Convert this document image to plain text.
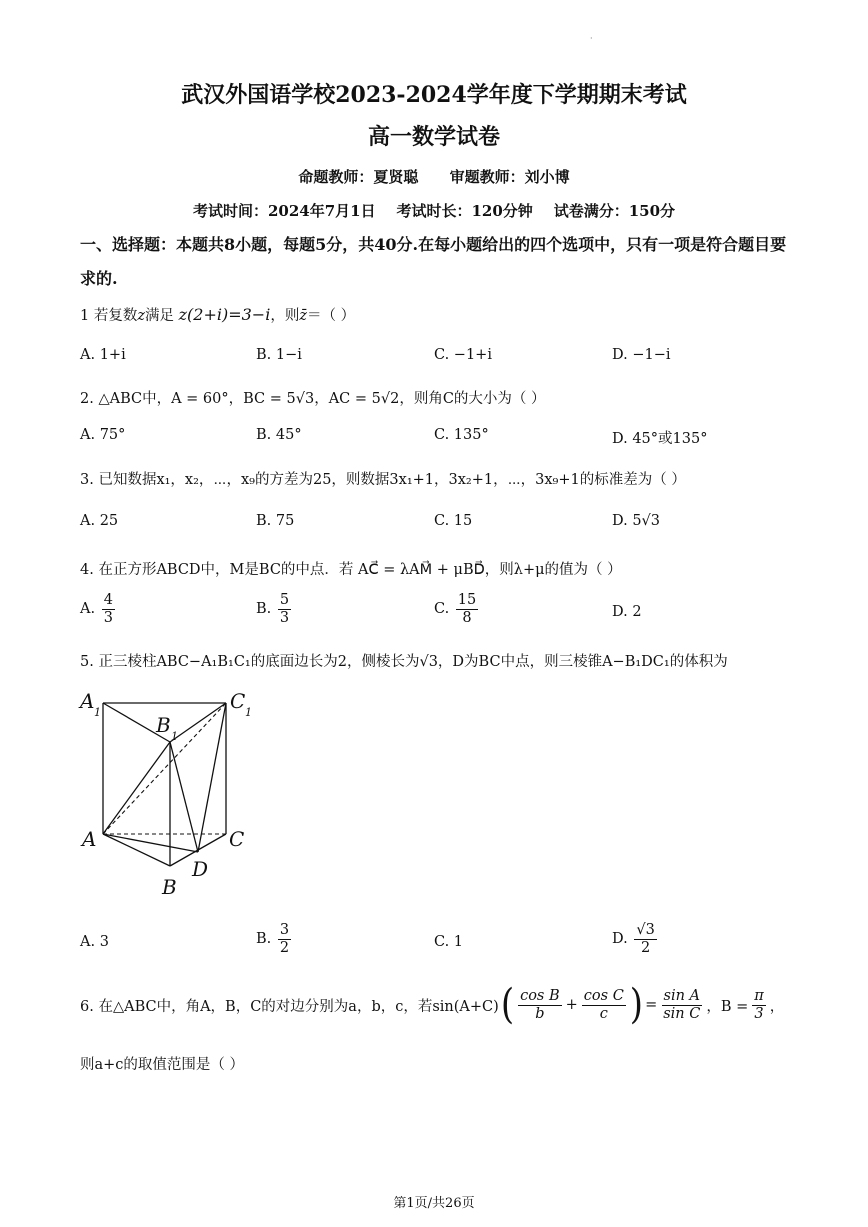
·
武汉外国语学校2023-2024学年度下学期期末考试
高一数学试卷
命题教师：夏贤聪      审题教师：刘小博
考试时间：2024年7月1日    考试时长：120分钟    试卷满分：150分
一、选择题：本题共8小题，每题5分，共40分.在每小题给出的四个选项中，只有一项是符合题目要求的.
1 若复数z满足 z(2+i)=3−i，则z̄＝（ ）
A. 1+i	B. 1−i	C. −1+i	D. −1−i
2. △ABC中，A = 60°，BC = 5√3，AC = 5√2，则角C的大小为（ ）
A. 75°	B. 45°	C. 135°	D. 45°或135°
3. 已知数据x₁，x₂，⋯，x₉的方差为25，则数据3x₁+1，3x₂+1，⋯，3x₉+1的标准差为（ ）
A. 25	B. 75	C. 15	D. 5√3
4. 在正方形ABCD中，M是BC的中点．若 AC⃗ = λAM⃗ + μBD⃗，则λ+μ的值为（ ）
A. $\frac{4}{3}$	B. $\frac{5}{3}$	C. $\frac{15}{8}$	D. 2
5. 正三棱柱ABC−A₁B₁C₁的底面边长为2，侧棱长为√3，D为BC中点，则三棱锥A−B₁DC₁的体积为
A 1
B 1
C 1
A	C
D
B
A. 3	B. $\frac{3}{2}$	C. 1	D. $\frac{√3}{2}$
6. 在△ABC中，角A，B，C的对边分别为a，b，c，若sin(A+C) ( $\frac{\text{cos B}}{b} + \frac{\text{cos C}}{c}$ ) = $\frac{\text{sin A}}{\text{sin C}}$ ，$B = \frac{\pi}{3}$ ，
则a+c的取值范围是（ ）
第1页/共26页
